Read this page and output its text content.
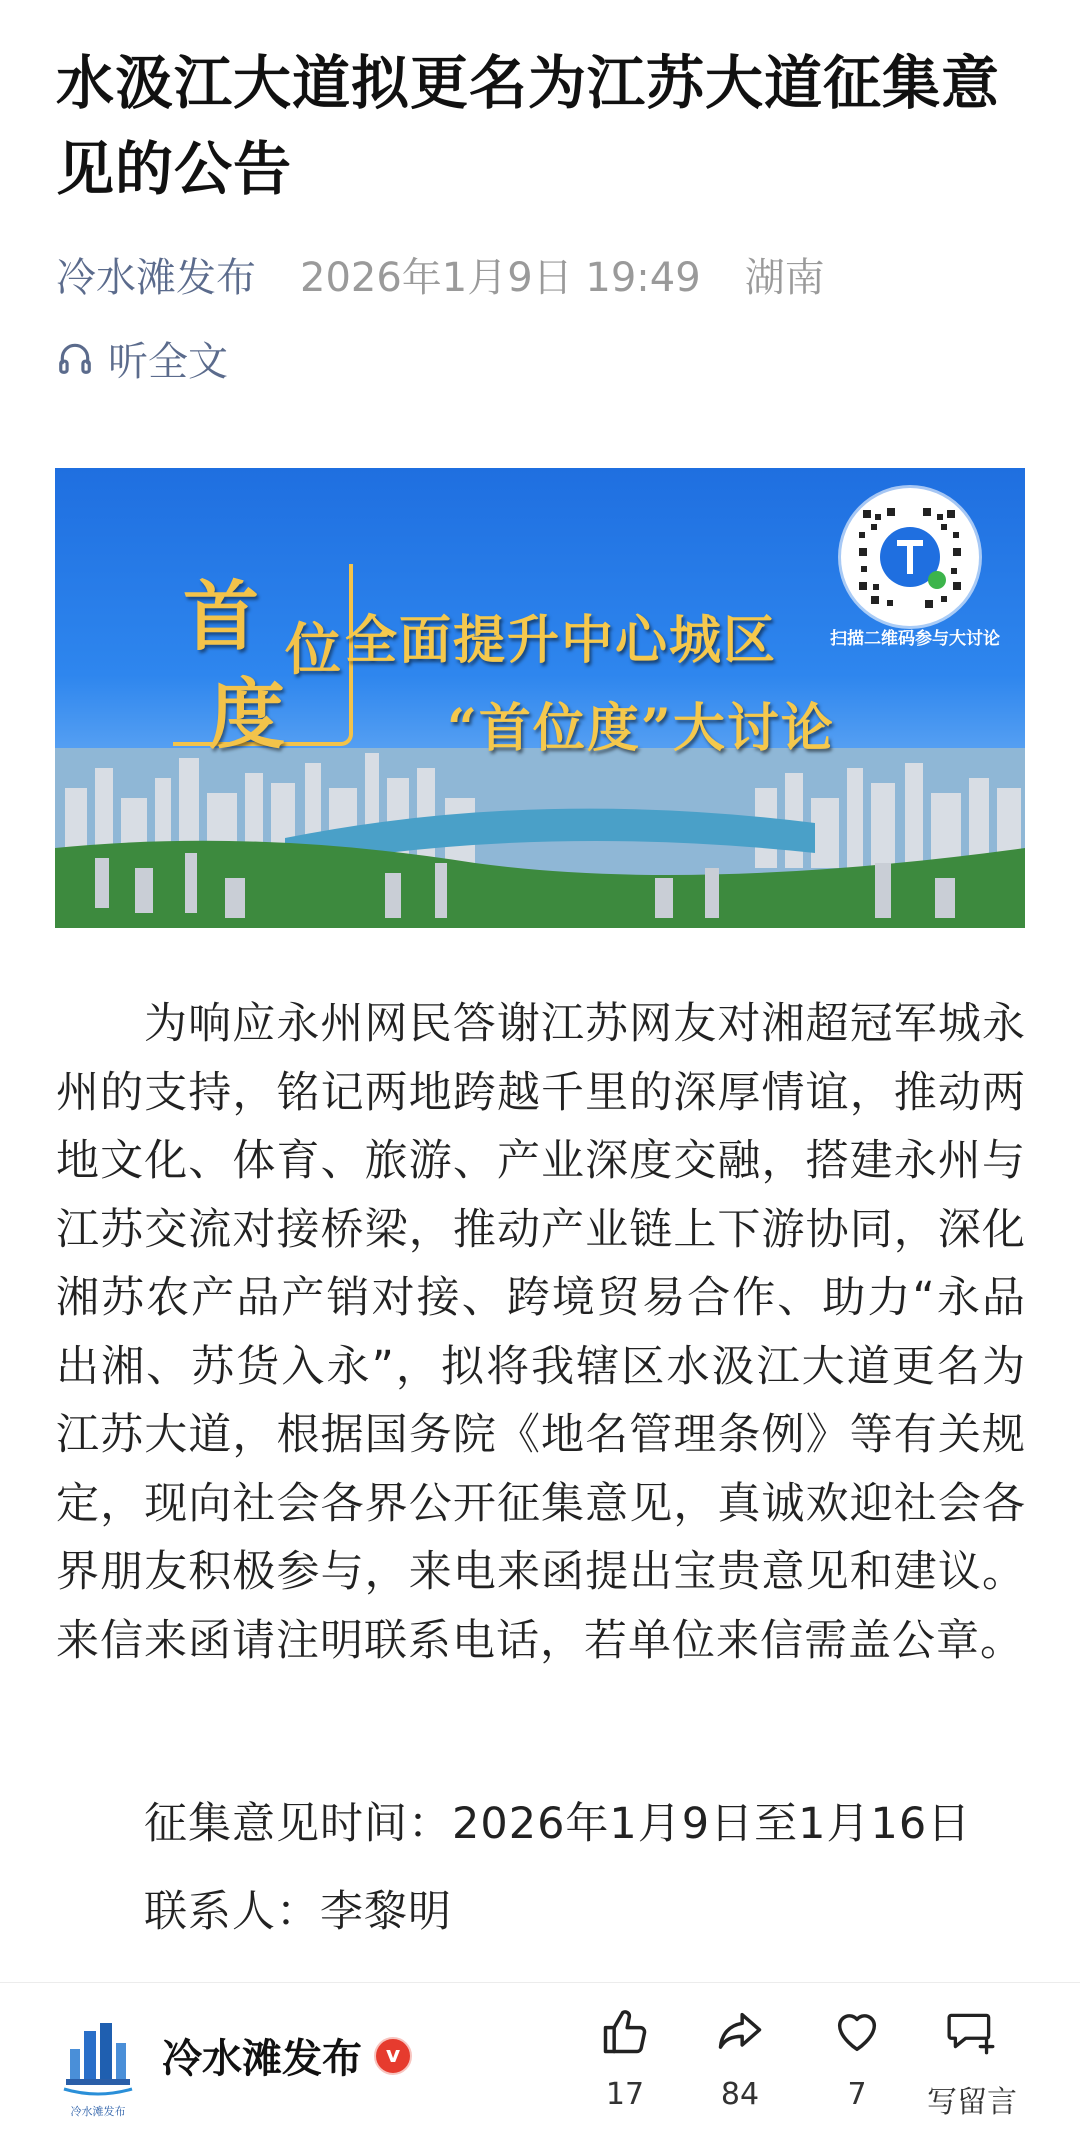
水汲江大道拟更名为江苏大道征集意见的公告
冷水滩发布 2026年1月9日 19:49 湖南
听全文
首 位
度
全面提升中心城区
“首位度”大讨论
扫描二维码参与大讨论

为响应永州网民答谢江苏网友对湘超冠军城永州的支持，铭记两地跨越千里的深厚情谊，推动两地文化、体育、旅游、产业深度交融，搭建永州与江苏交流对接桥梁，推动产业链上下游协同，深化湘苏农产品产销对接、跨境贸易合作、助力“永品出湘、苏货入永”，拟将我辖区水汲江大道更名为江苏大道，根据国务院《地名管理条例》等有关规定，现向社会各界公开征集意见，真诚欢迎社会各界朋友积极参与，来电来函提出宝贵意见和建议。来信来函请注明联系电话，若单位来信需盖公章。

征集意见时间：2026年1月9日至1月16日
联系人：李黎明
冷水滩发布
冷水滩发布	v
17	84	7	写留言
